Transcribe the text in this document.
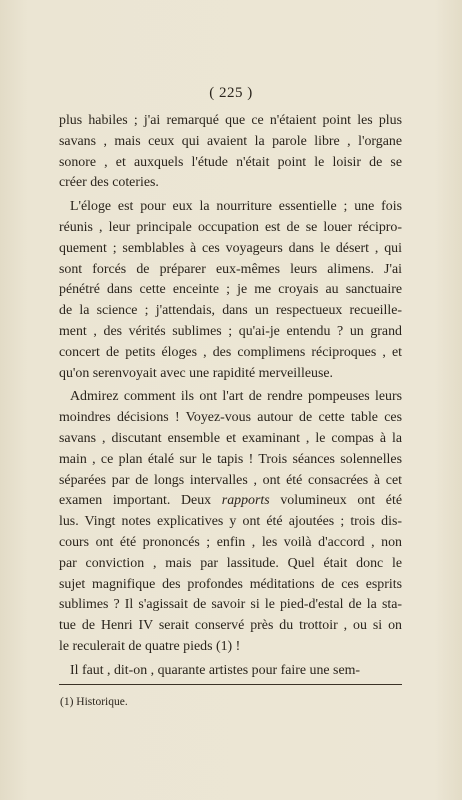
( 225 )
plus habiles ; j'ai remarqué que ce n'étaient point les plus
savans , mais ceux qui avaient la parole libre , l'organe
sonore , et auxquels l'étude n'était point le loisir de se
créer des coteries.
L'éloge est pour eux la nourriture essentielle ; une fois
réunis , leur principale occupation est de se louer récipro-
quement ; semblables à ces voyageurs dans le désert , qui
sont forcés de préparer eux-mêmes leurs alimens. J'ai
pénétré dans cette enceinte ; je me croyais au sanctuaire
de la science ; j'attendais, dans un respectueux recueille-
ment , des vérités sublimes ; qu'ai-je entendu ? un grand
concert de petits éloges , des complimens réciproques , et
qu'on serenvoyait avec une rapidité merveilleuse.
Admirez comment ils ont l'art de rendre pompeuses leurs
moindres décisions ! Voyez-vous autour de cette table ces
savans , discutant ensemble et examinant , le compas à la
main , ce plan étalé sur le tapis ! Trois séances solennelles
séparées par de longs intervalles , ont été consacrées à cet
examen important. Deux rapports volumineux ont été
lus. Vingt notes explicatives y ont été ajoutées ; trois dis-
cours ont été prononcés ; enfin , les voilà d'accord , non
par conviction , mais par lassitude. Quel était donc le
sujet magnifique des profondes méditations de ces esprits
sublimes ? Il s'agissait de savoir si le pied-d'estal de la sta-
tue de Henri IV serait conservé près du trottoir , ou si on
le reculerait de quatre pieds (1) !
Il faut , dit-on , quarante artistes pour faire une sem-
(1) Historique.
